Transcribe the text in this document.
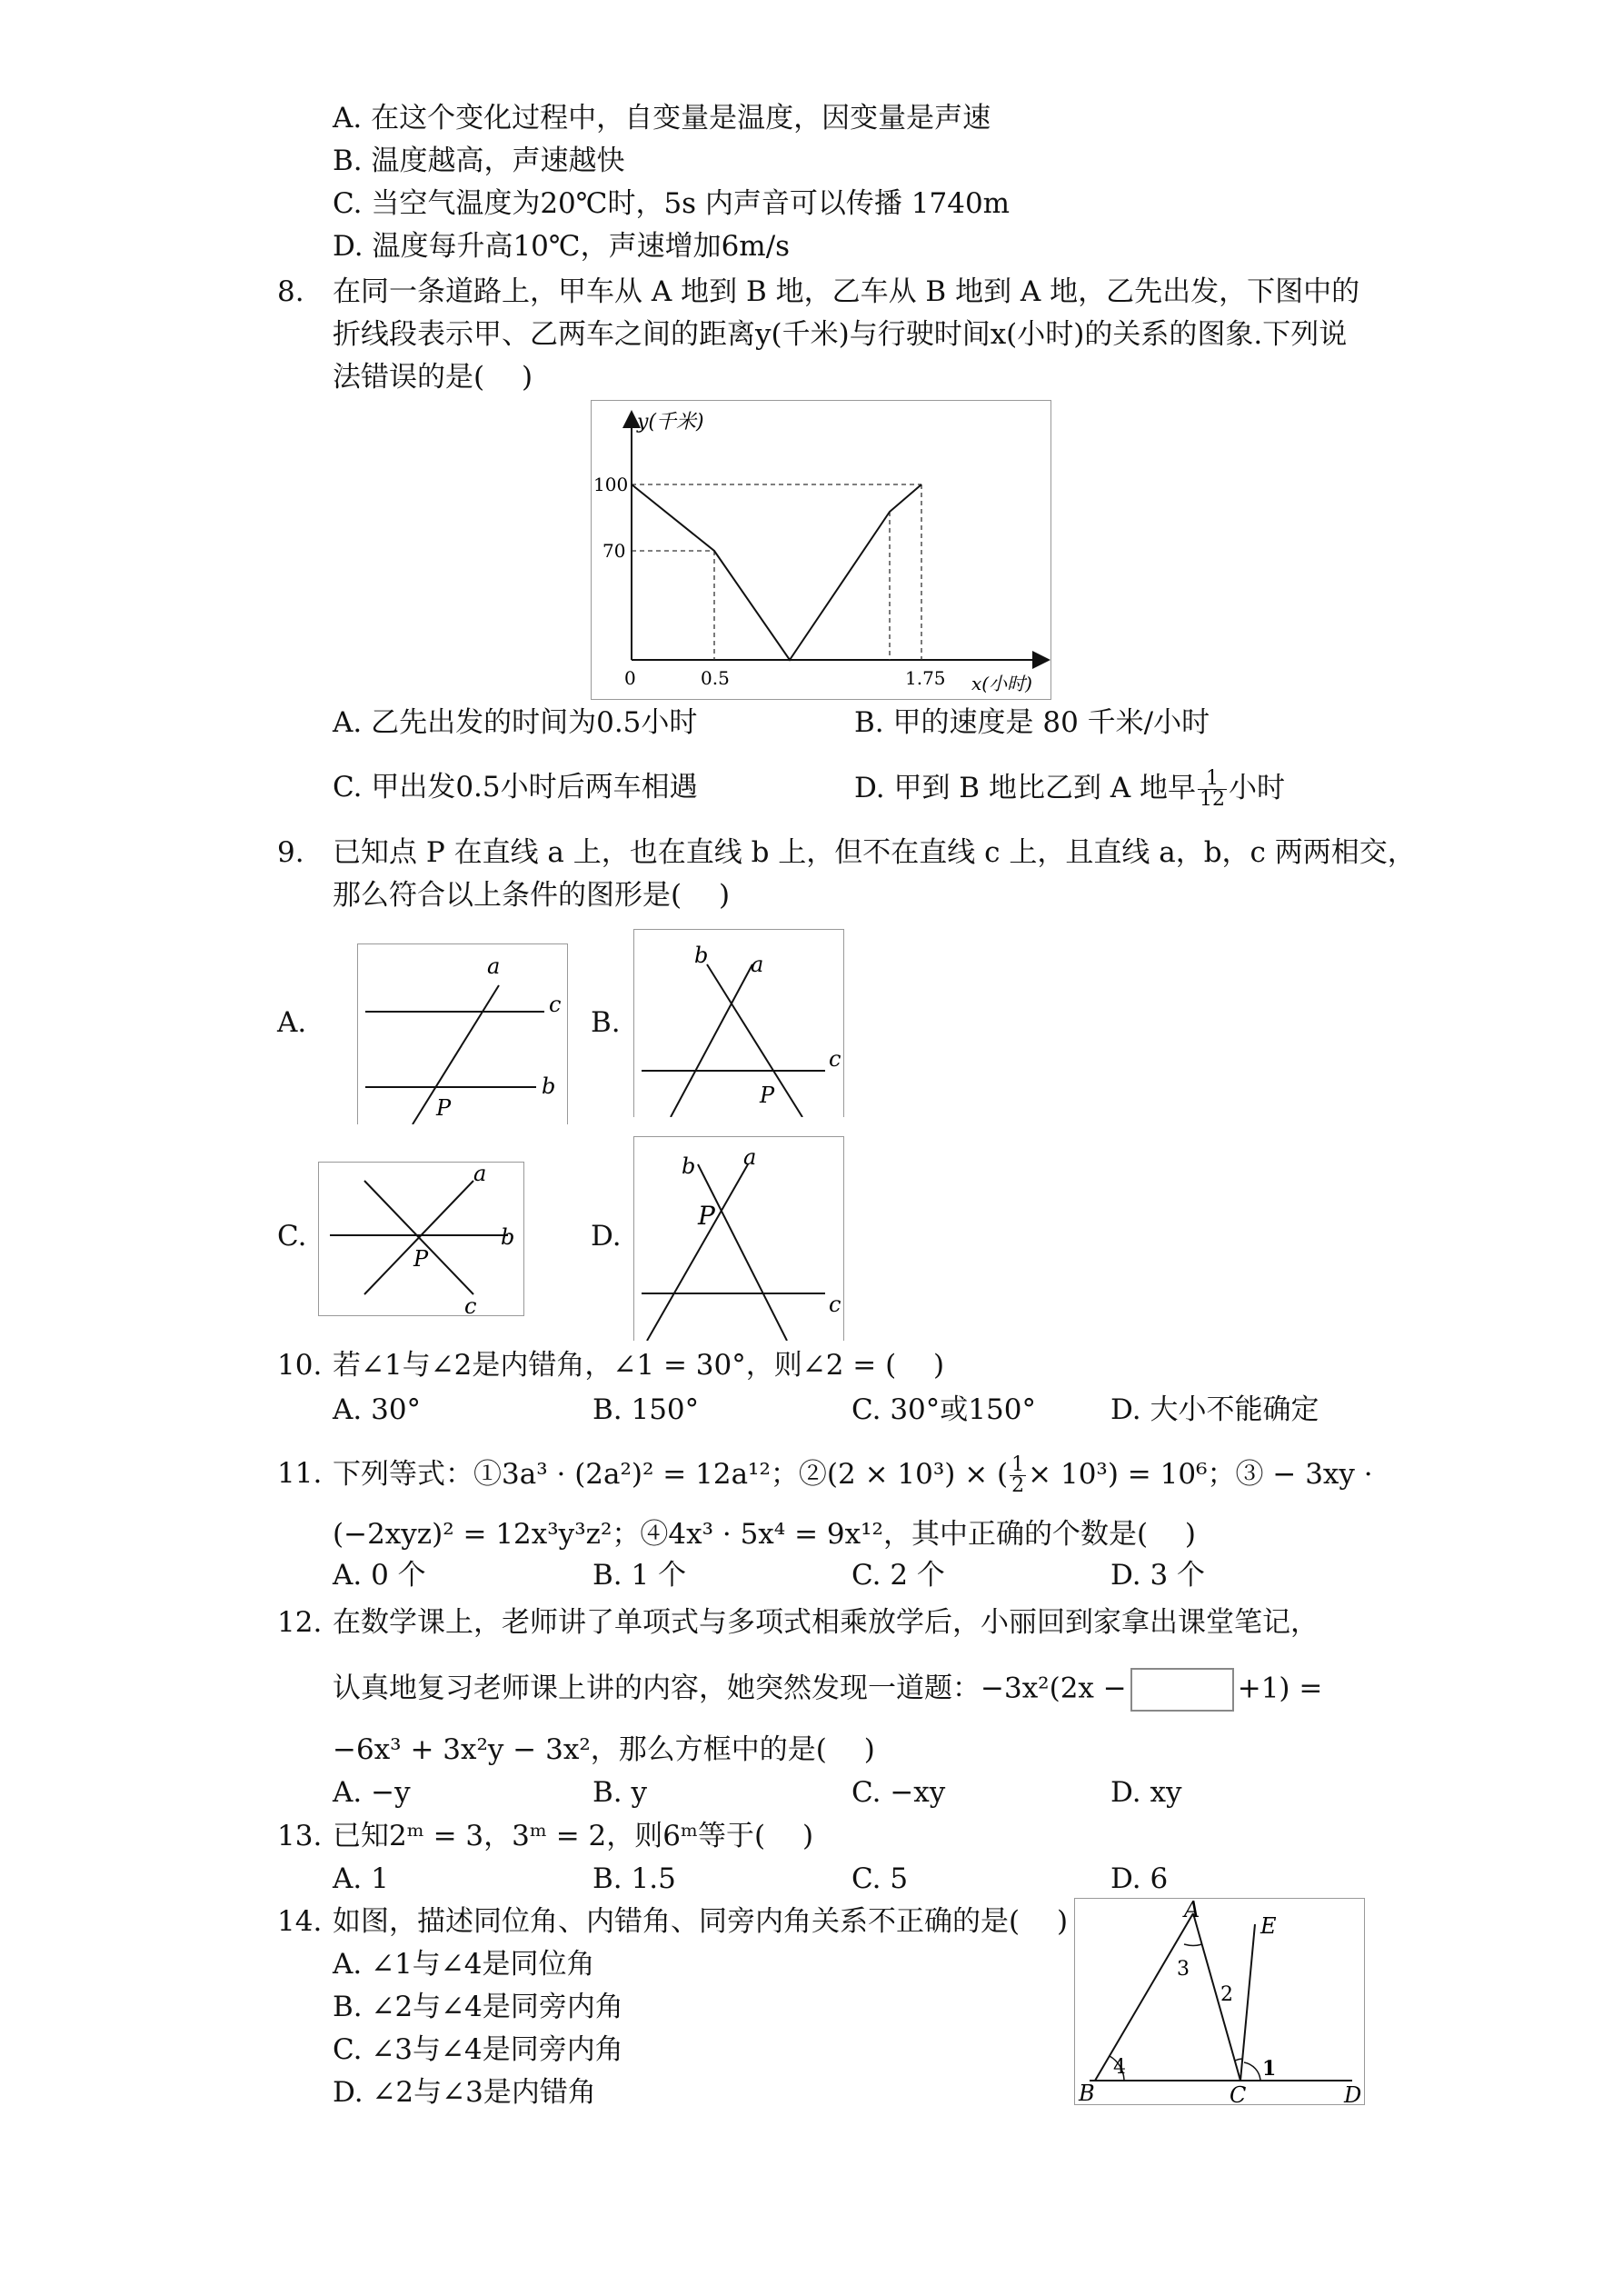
A. 在这个变化过程中，自变量是温度，因变量是声速
B. 温度越高，声速越快
C. 当空气温度为20℃时，5s 内声音可以传播 1740m
D. 温度每升高10℃，声速增加6m/s
8. 在同一条道路上，甲车从 A 地到 B 地，乙车从 B 地到 A 地，乙先出发，下图中的
折线段表示甲、乙两车之间的距离y(千米)与行驶时间x(小时)的关系的图象.下列说
法错误的是(　 )
y(千米)
100
70
0	0.5	1.75 x(小时)
A. 乙先出发的时间为0.5小时	B. 甲的速度是 80 千米/小时
C. 甲出发0.5小时后两车相遇	D. 甲到 B 地比乙到 A 地早 $\frac{1}{12}$ 小时
9. 已知点 P 在直线 a 上，也在直线 b 上，但不在直线 c 上，且直线 a，b，c 两两相交，
那么符合以上条件的图形是(　 )
A.
a
c
b
P
B.
b a
c
P
C.
a
b
c
P
D.
b a
c
P
10. 若∠1与∠2是内错角，∠1 = 30°，则∠2 = (　 )
A. 30°	B. 150°	C. 30°或150°	D. 大小不能确定
11. 下列等式：①3a³ · (2a²)² = 12a¹²；②(2 × 10³) × ( $\frac{1}{2} \times 10^3) = 10^6$；③ − 3xy ·
(−2xyz)² = 12x³y³z²；④4x³ · 5x⁴ = 9x¹²，其中正确的个数是(　 )
A. 0 个	B. 1 个	C. 2 个	D. 3 个
12. 在数学课上，老师讲了单项式与多项式相乘放学后，小丽回到家拿出课堂笔记，
认真地复习老师课上讲的内容，她突然发现一道题：−3x²(2x −	+1) =
−6x³ + 3x²y − 3x²，那么方框中的是(　 )
A. −y	B. y	C. −xy	D. xy
13. 已知2ᵐ = 3，3ᵐ = 2，则6ᵐ等于(　 )
A. 1	B. 1.5	C. 5	D. 6
14. 如图，描述同位角、内错角、同旁内角关系不正确的是(　 )
A. ∠1与∠4是同位角
B. ∠2与∠4是同旁内角
C. ∠3与∠4是同旁内角
D. ∠2与∠3是内错角
A
B	C	D
E
1
2
3
4
